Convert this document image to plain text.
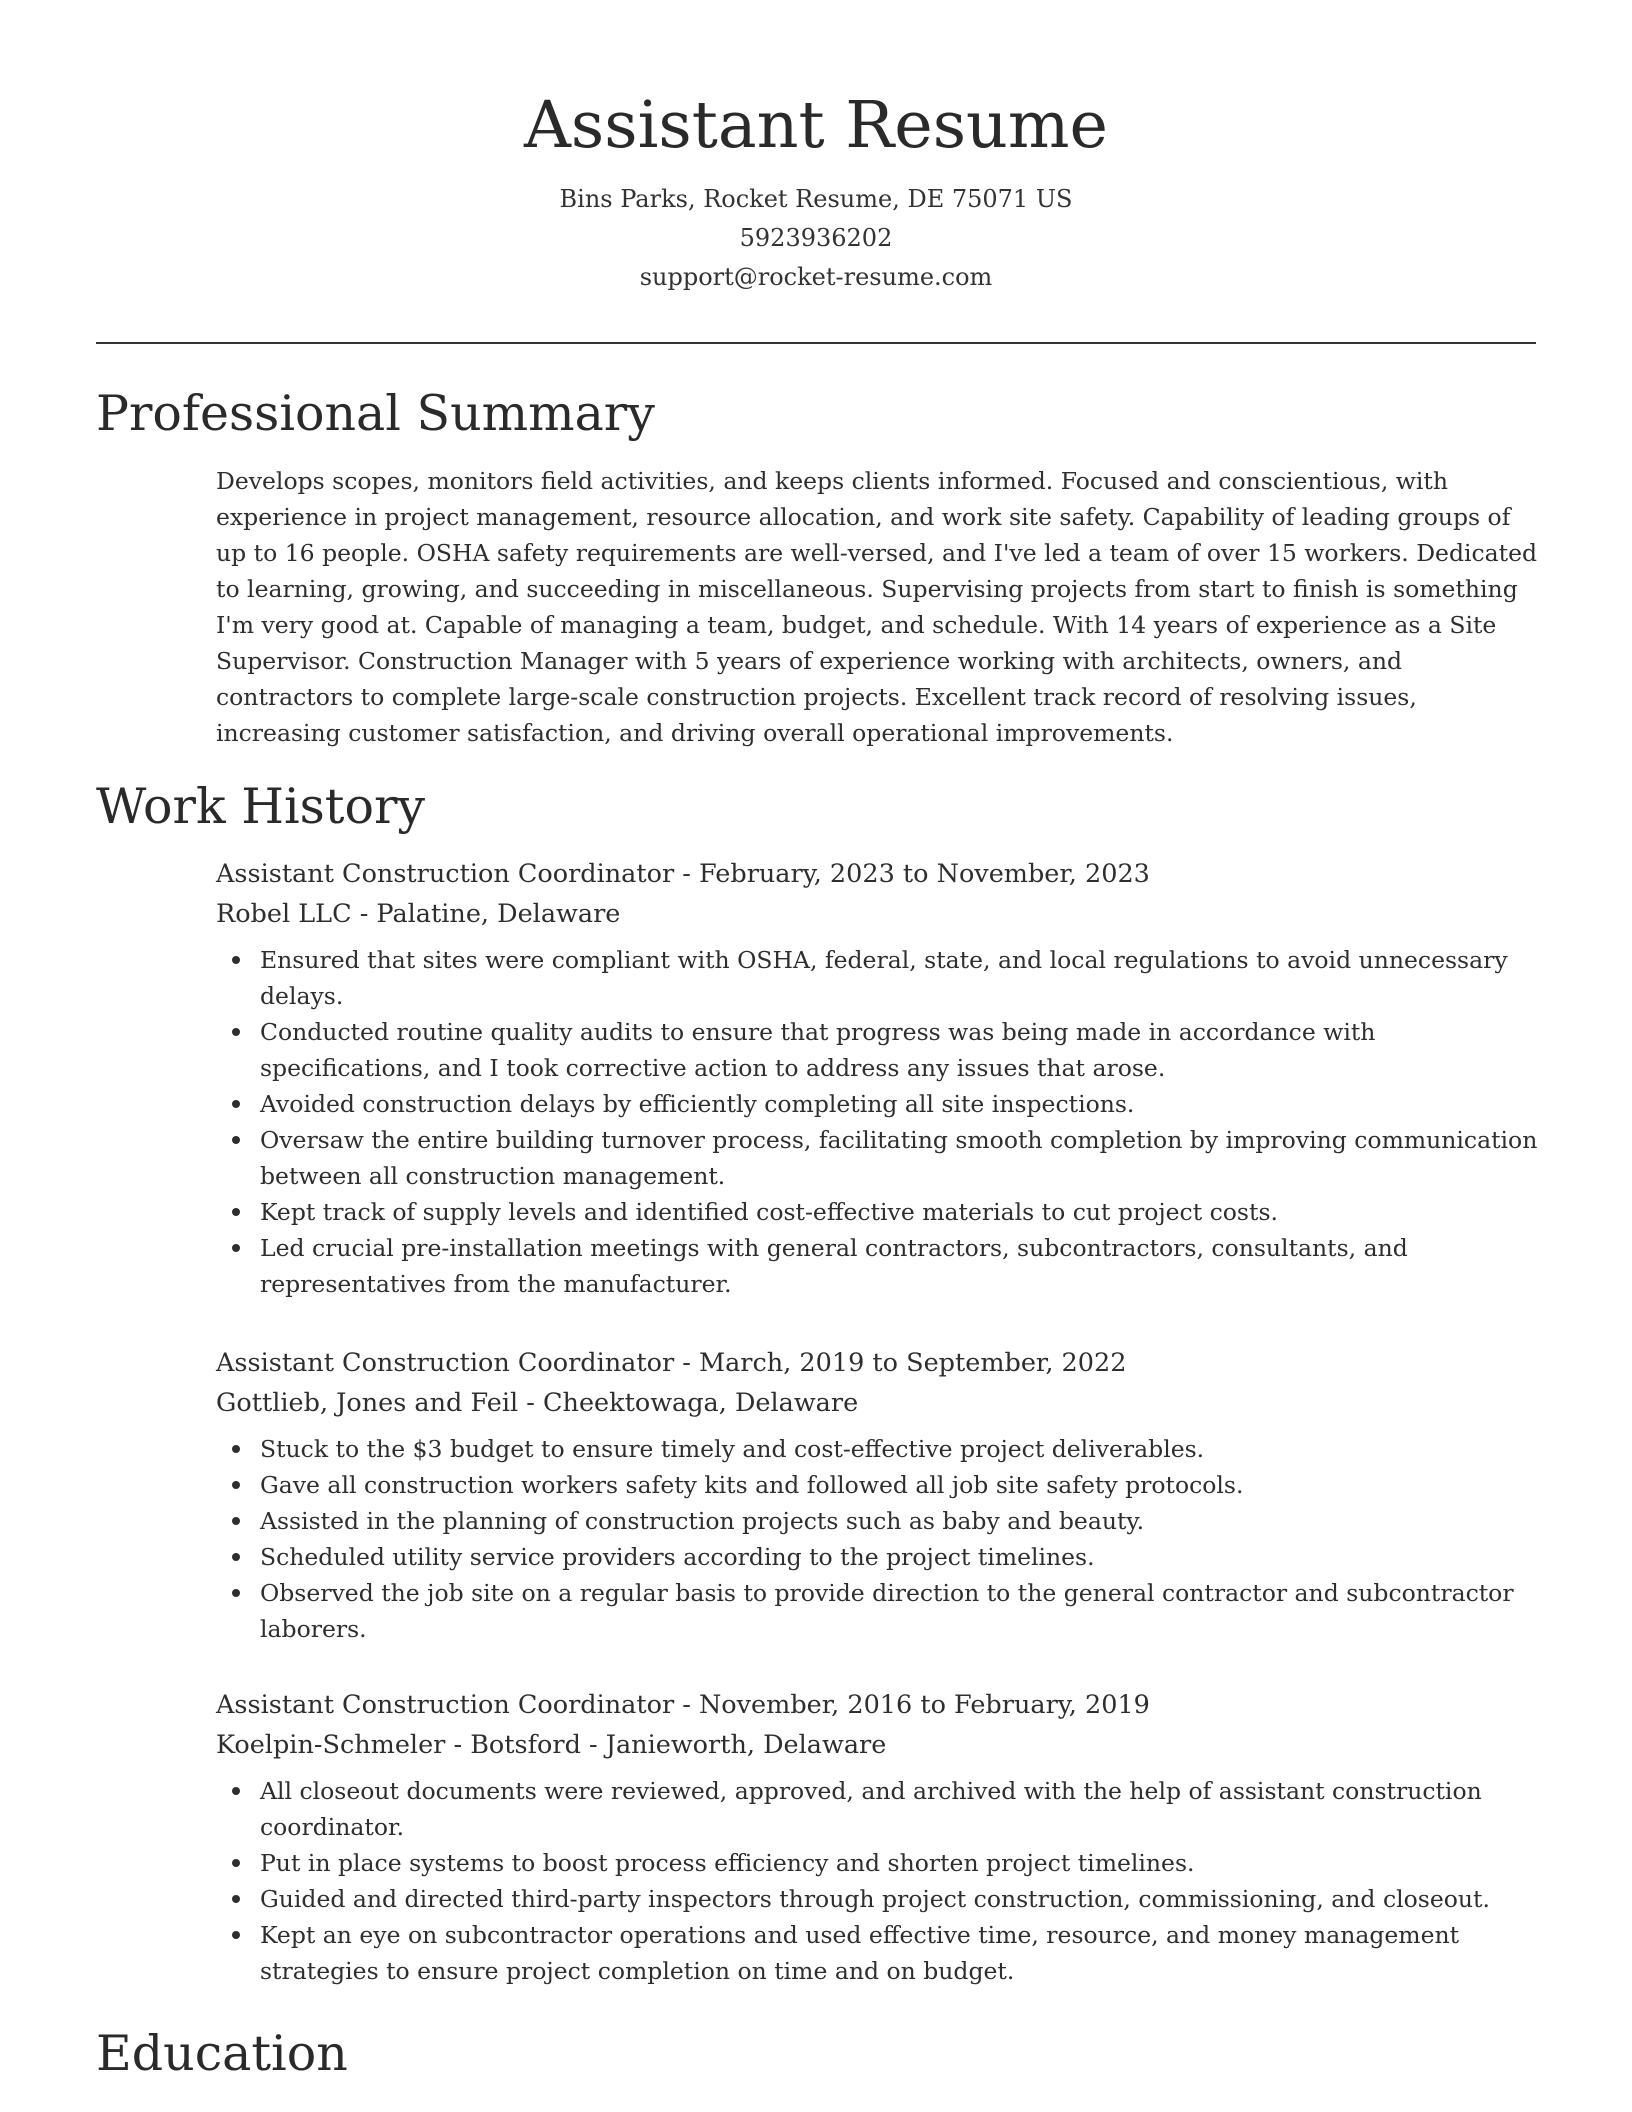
Assistant Resume
Bins Parks, Rocket Resume, DE 75071 US
5923936202
support@rocket-resume.com
Professional Summary

Develops scopes, monitors field activities, and keeps clients informed. Focused and conscientious, with experience in project management, resource allocation, and work site safety. Capability of leading groups of up to 16 people. OSHA safety requirements are well-versed, and I've led a team of over 15 workers. Dedicated to learning, growing, and succeeding in miscellaneous. Supervising projects from start to finish is something I'm very good at. Capable of managing a team, budget, and schedule. With 14 years of experience as a Site Supervisor. Construction Manager with 5 years of experience working with architects, owners, and contractors to complete large-scale construction projects. Excellent track record of resolving issues, increasing customer satisfaction, and driving overall operational improvements.

Work History

Assistant Construction Coordinator - February, 2023 to November, 2023

Robel LLC - Palatine, Delaware

Ensured that sites were compliant with OSHA, federal, state, and local regulations to avoid unnecessary delays.
Conducted routine quality audits to ensure that progress was being made in accordance with specifications, and I took corrective action to address any issues that arose.
Avoided construction delays by efficiently completing all site inspections.
Oversaw the entire building turnover process, facilitating smooth completion by improving communication between all construction management.
Kept track of supply levels and identified cost-effective materials to cut project costs.
Led crucial pre-installation meetings with general contractors, subcontractors, consultants, and representatives from the manufacturer.

Assistant Construction Coordinator - March, 2019 to September, 2022

Gottlieb, Jones and Feil - Cheektowaga, Delaware

Stuck to the $3 budget to ensure timely and cost-effective project deliverables.
Gave all construction workers safety kits and followed all job site safety protocols.
Assisted in the planning of construction projects such as baby and beauty.
Scheduled utility service providers according to the project timelines.
Observed the job site on a regular basis to provide direction to the general contractor and subcontractor laborers.

Assistant Construction Coordinator - November, 2016 to February, 2019

Koelpin-Schmeler - Botsford - Janieworth, Delaware

All closeout documents were reviewed, approved, and archived with the help of assistant construction coordinator.
Put in place systems to boost process efficiency and shorten project timelines.
Guided and directed third-party inspectors through project construction, commissioning, and closeout.
Kept an eye on subcontractor operations and used effective time, resource, and money management strategies to ensure project completion on time and on budget.
Education
